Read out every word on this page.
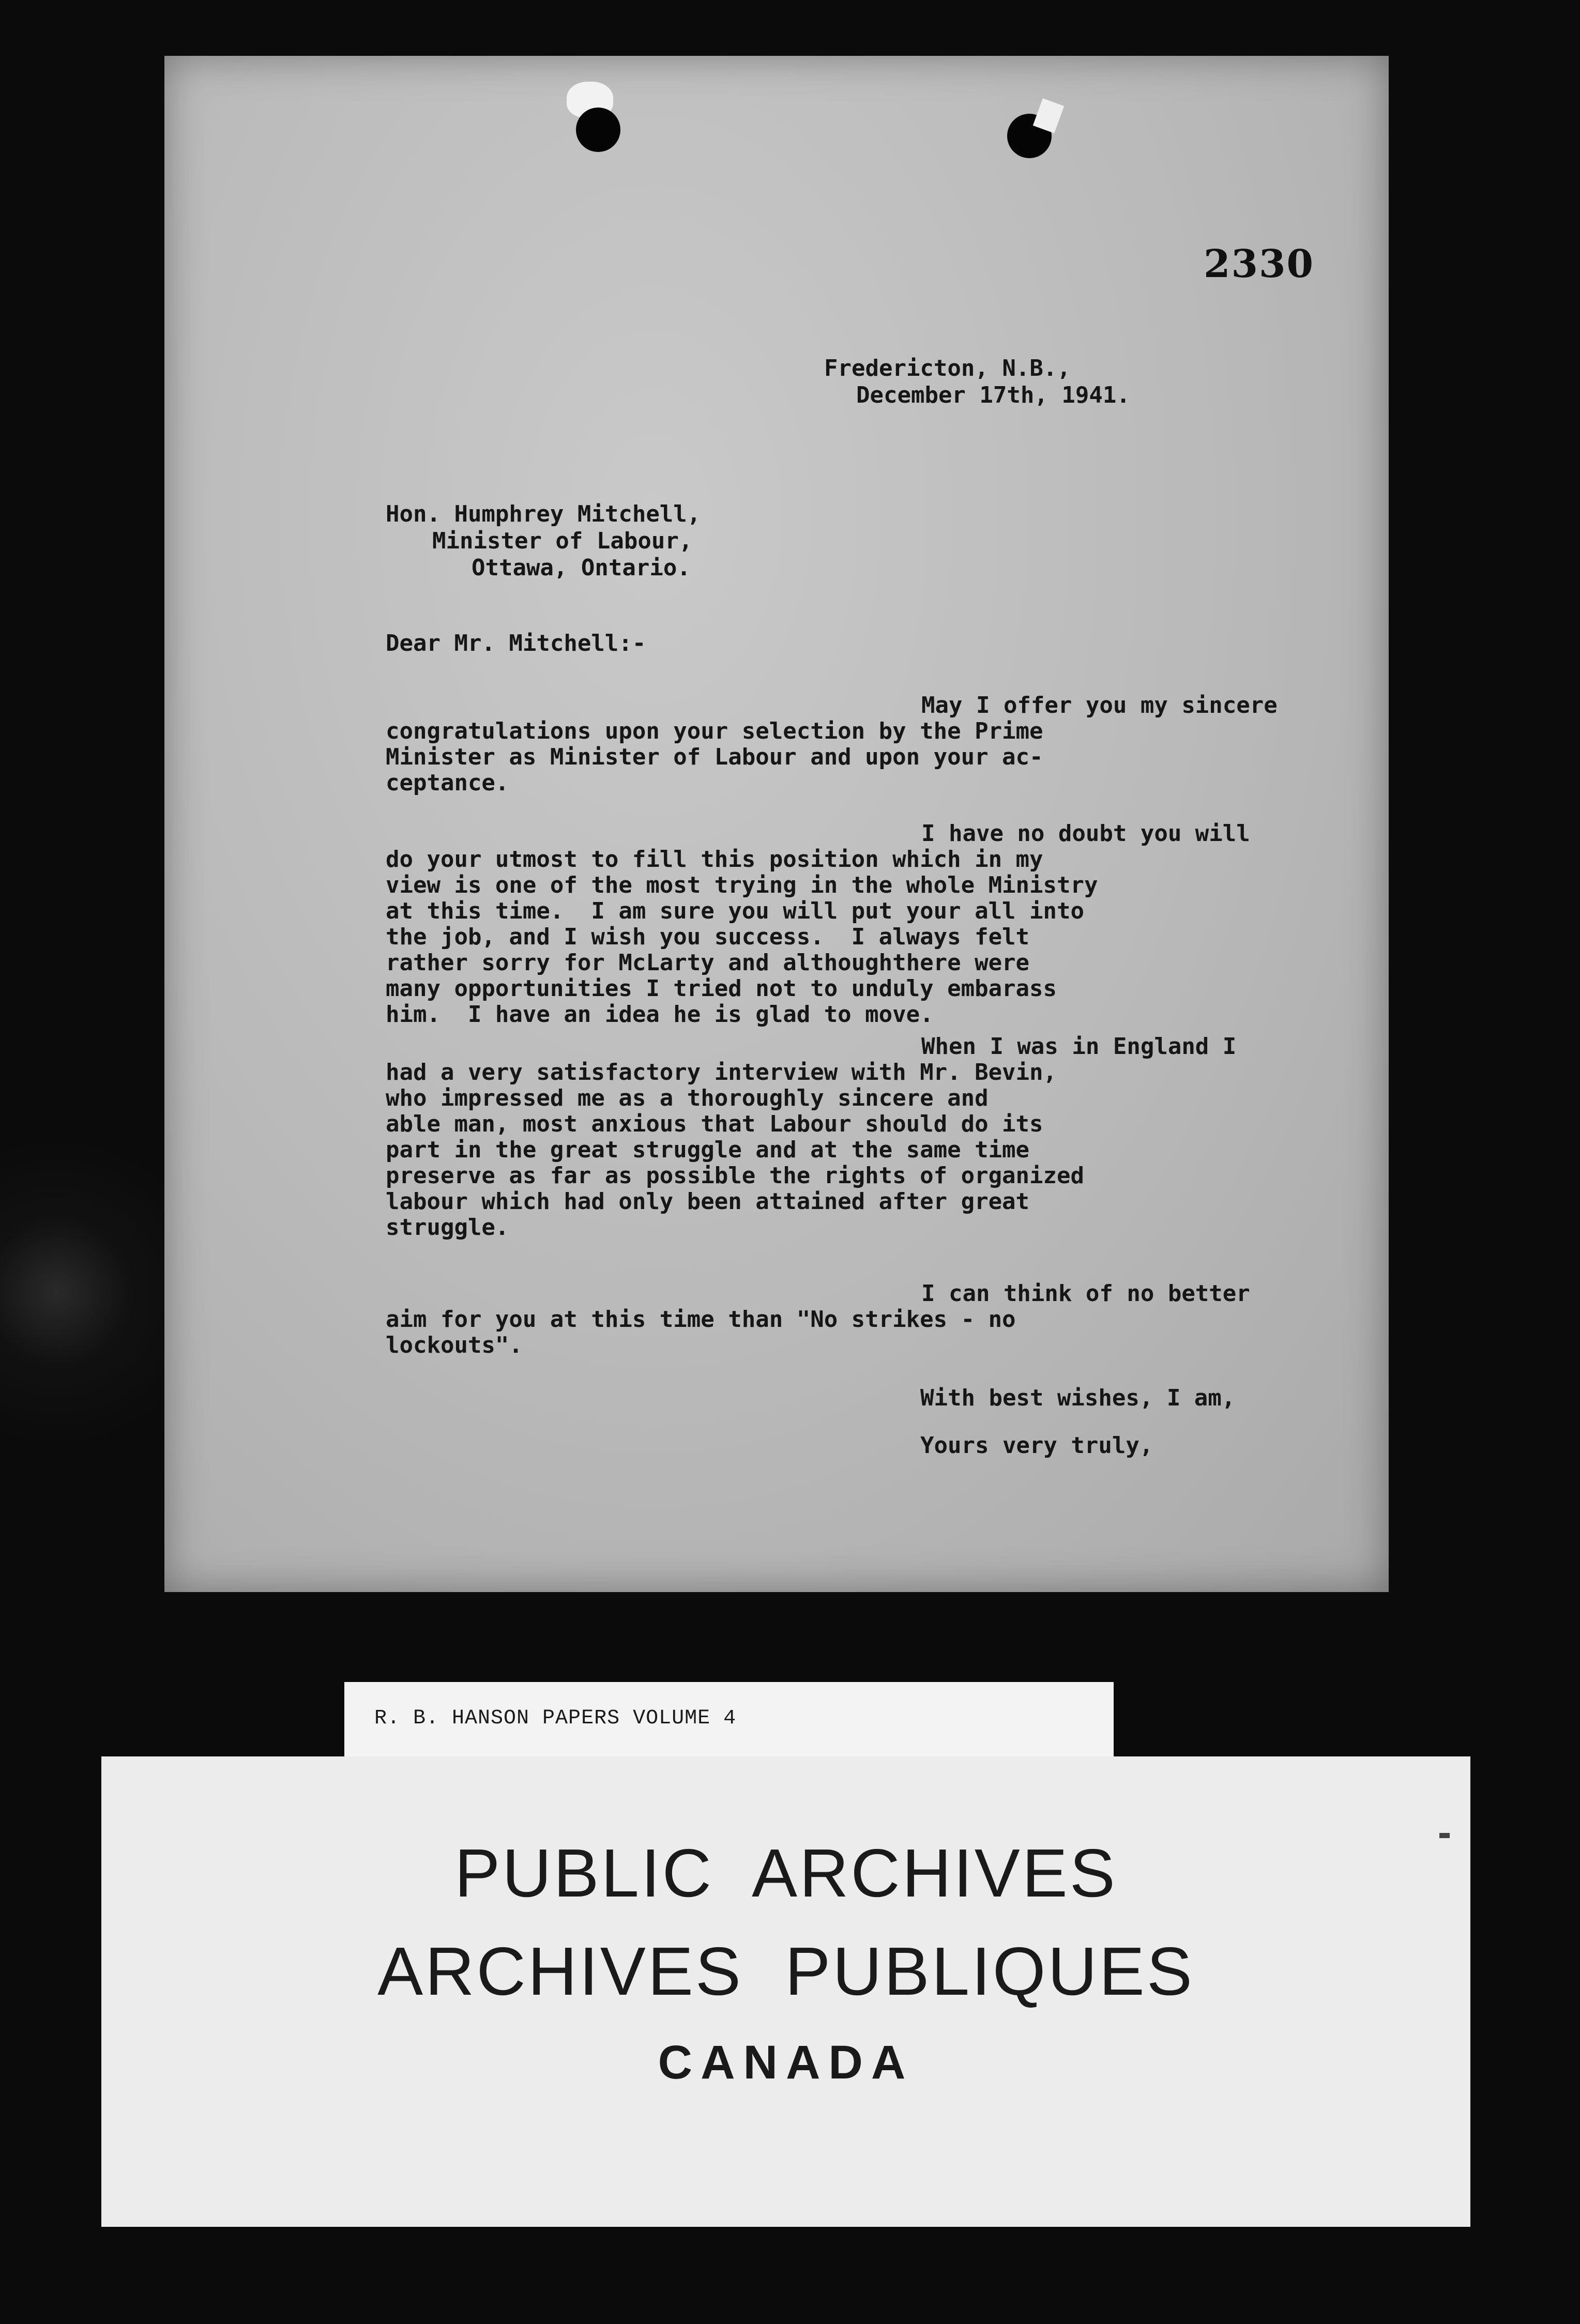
2330
Fredericton, N.B.,
December 17th, 1941.
Hon. Humphrey Mitchell,
Minister of Labour,
Ottawa, Ontario.
Dear Mr. Mitchell:-
May I offer you my sincere
congratulations upon your selection by the Prime
Minister as Minister of Labour and upon your ac-
ceptance.
I have no doubt you will
do your utmost to fill this position which in my
view is one of the most trying in the whole Ministry
at this time.  I am sure you will put your all into
the job, and I wish you success.  I always felt
rather sorry for McLarty and althoughthere were
many opportunities I tried not to unduly embarass
him.  I have an idea he is glad to move.
When I was in England I
had a very satisfactory interview with Mr. Bevin,
who impressed me as a thoroughly sincere and
able man, most anxious that Labour should do its
part in the great struggle and at the same time
preserve as far as possible the rights of organized
labour which had only been attained after great
struggle.
I can think of no better
aim for you at this time than "No strikes - no
lockouts".
With best wishes, I am,
Yours very truly,
R. B. HANSON PAPERS VOLUME 4
PUBLIC  ARCHIVES
ARCHIVES  PUBLIQUES
CANADA
